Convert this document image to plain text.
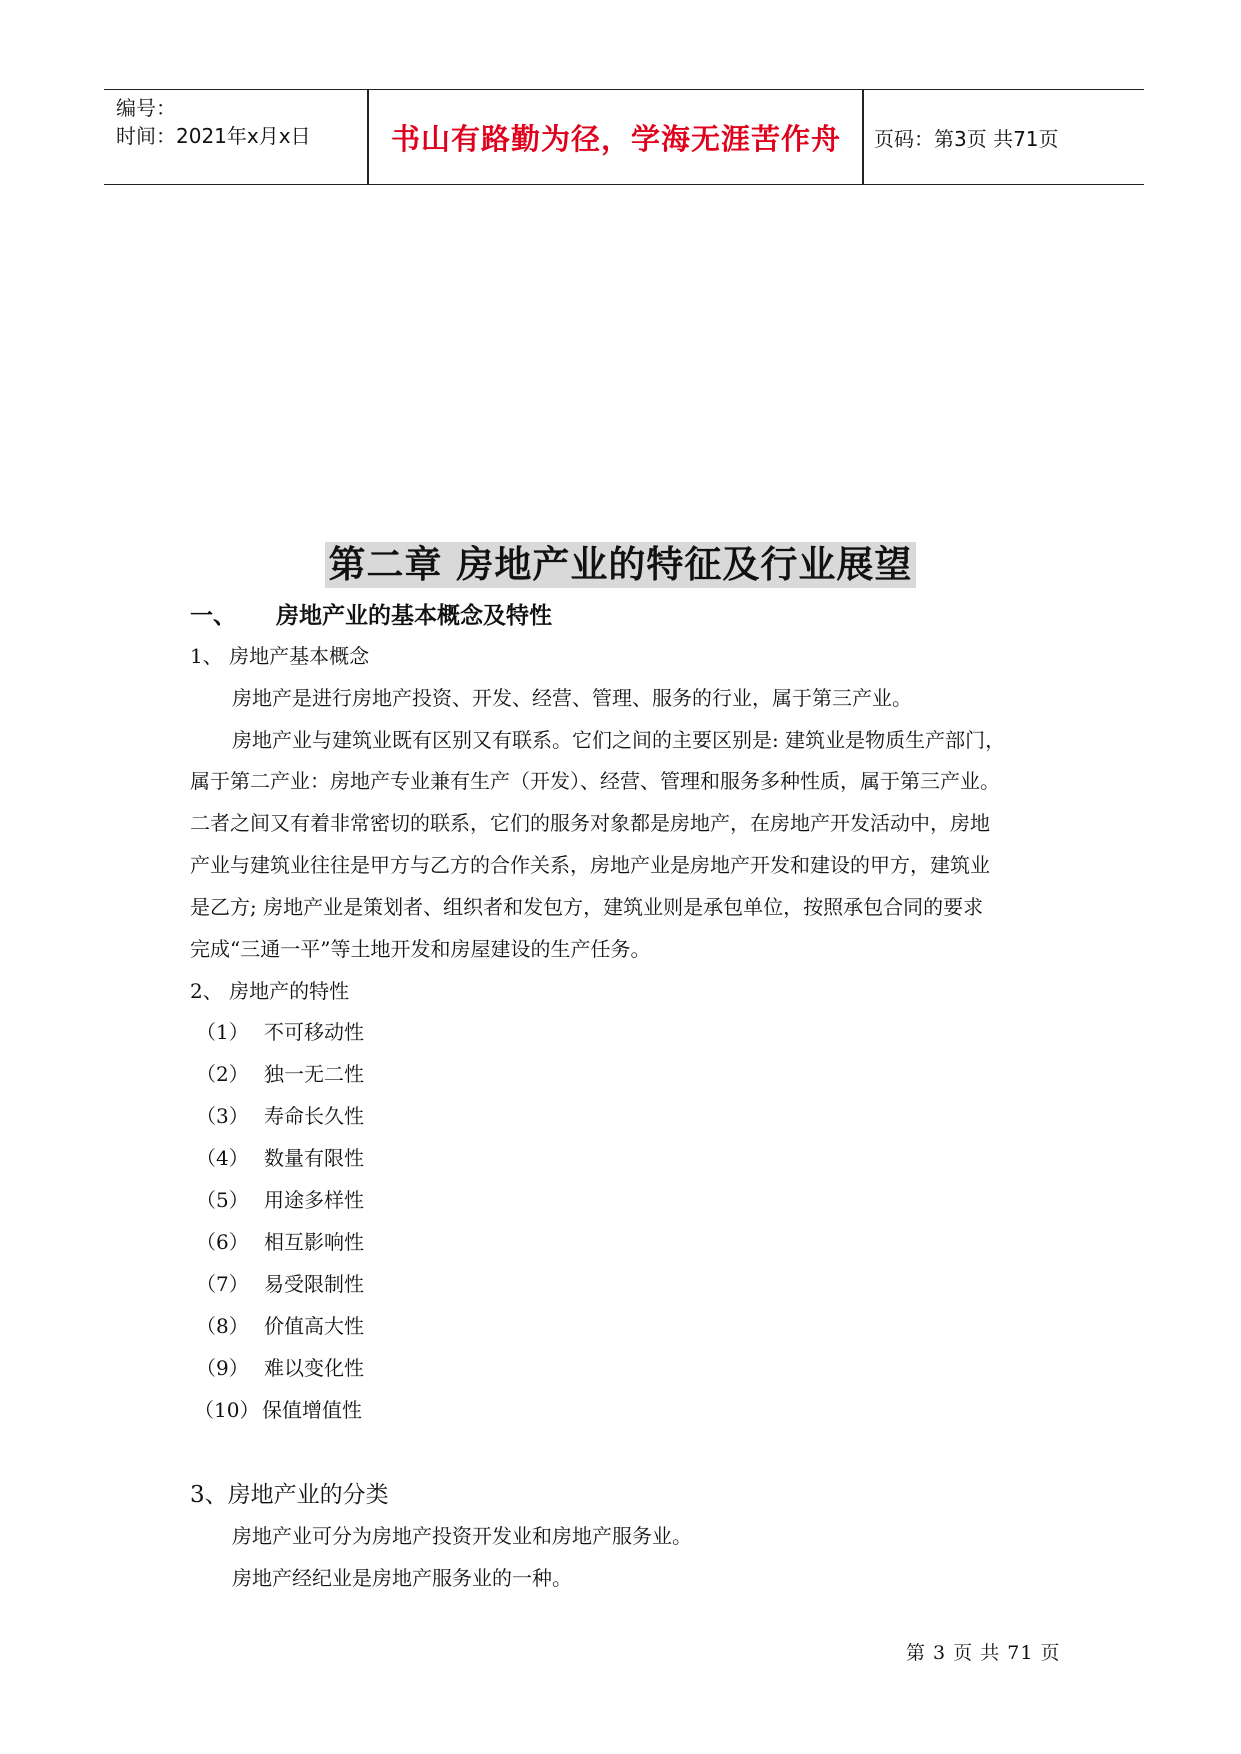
编号：
时间：2021年x月x日	书山有路勤为径，学海无涯苦作舟	页码：第3页 共71页
第二章 房地产业的特征及行业展望
一、 房地产业的基本概念及特性
1、 房地产基本概念
房地产是进行房地产投资、开发、经营、管理、服务的行业，属于第三产业。
房地产业与建筑业既有区别又有联系。它们之间的主要区别是: 建筑业是物质生产部门，
属于第二产业：房地产专业兼有生产（开发）、经营、管理和服务多种性质，属于第三产业。
二者之间又有着非常密切的联系，它们的服务对象都是房地产，在房地产开发活动中，房地
产业与建筑业往往是甲方与乙方的合作关系，房地产业是房地产开发和建设的甲方，建筑业
是乙方; 房地产业是策划者、组织者和发包方，建筑业则是承包单位，按照承包合同的要求
完成“三通一平”等土地开发和房屋建设的生产任务。
2、 房地产的特性
（1） 不可移动性
（2） 独一无二性
（3） 寿命长久性
（4） 数量有限性
（5） 用途多样性
（6） 相互影响性
（7） 易受限制性
（8） 价值高大性
（9） 难以变化性
（10） 保值增值性
3、房地产业的分类
房地产业可分为房地产投资开发业和房地产服务业。
房地产经纪业是房地产服务业的一种。
第 3 页 共 71 页
